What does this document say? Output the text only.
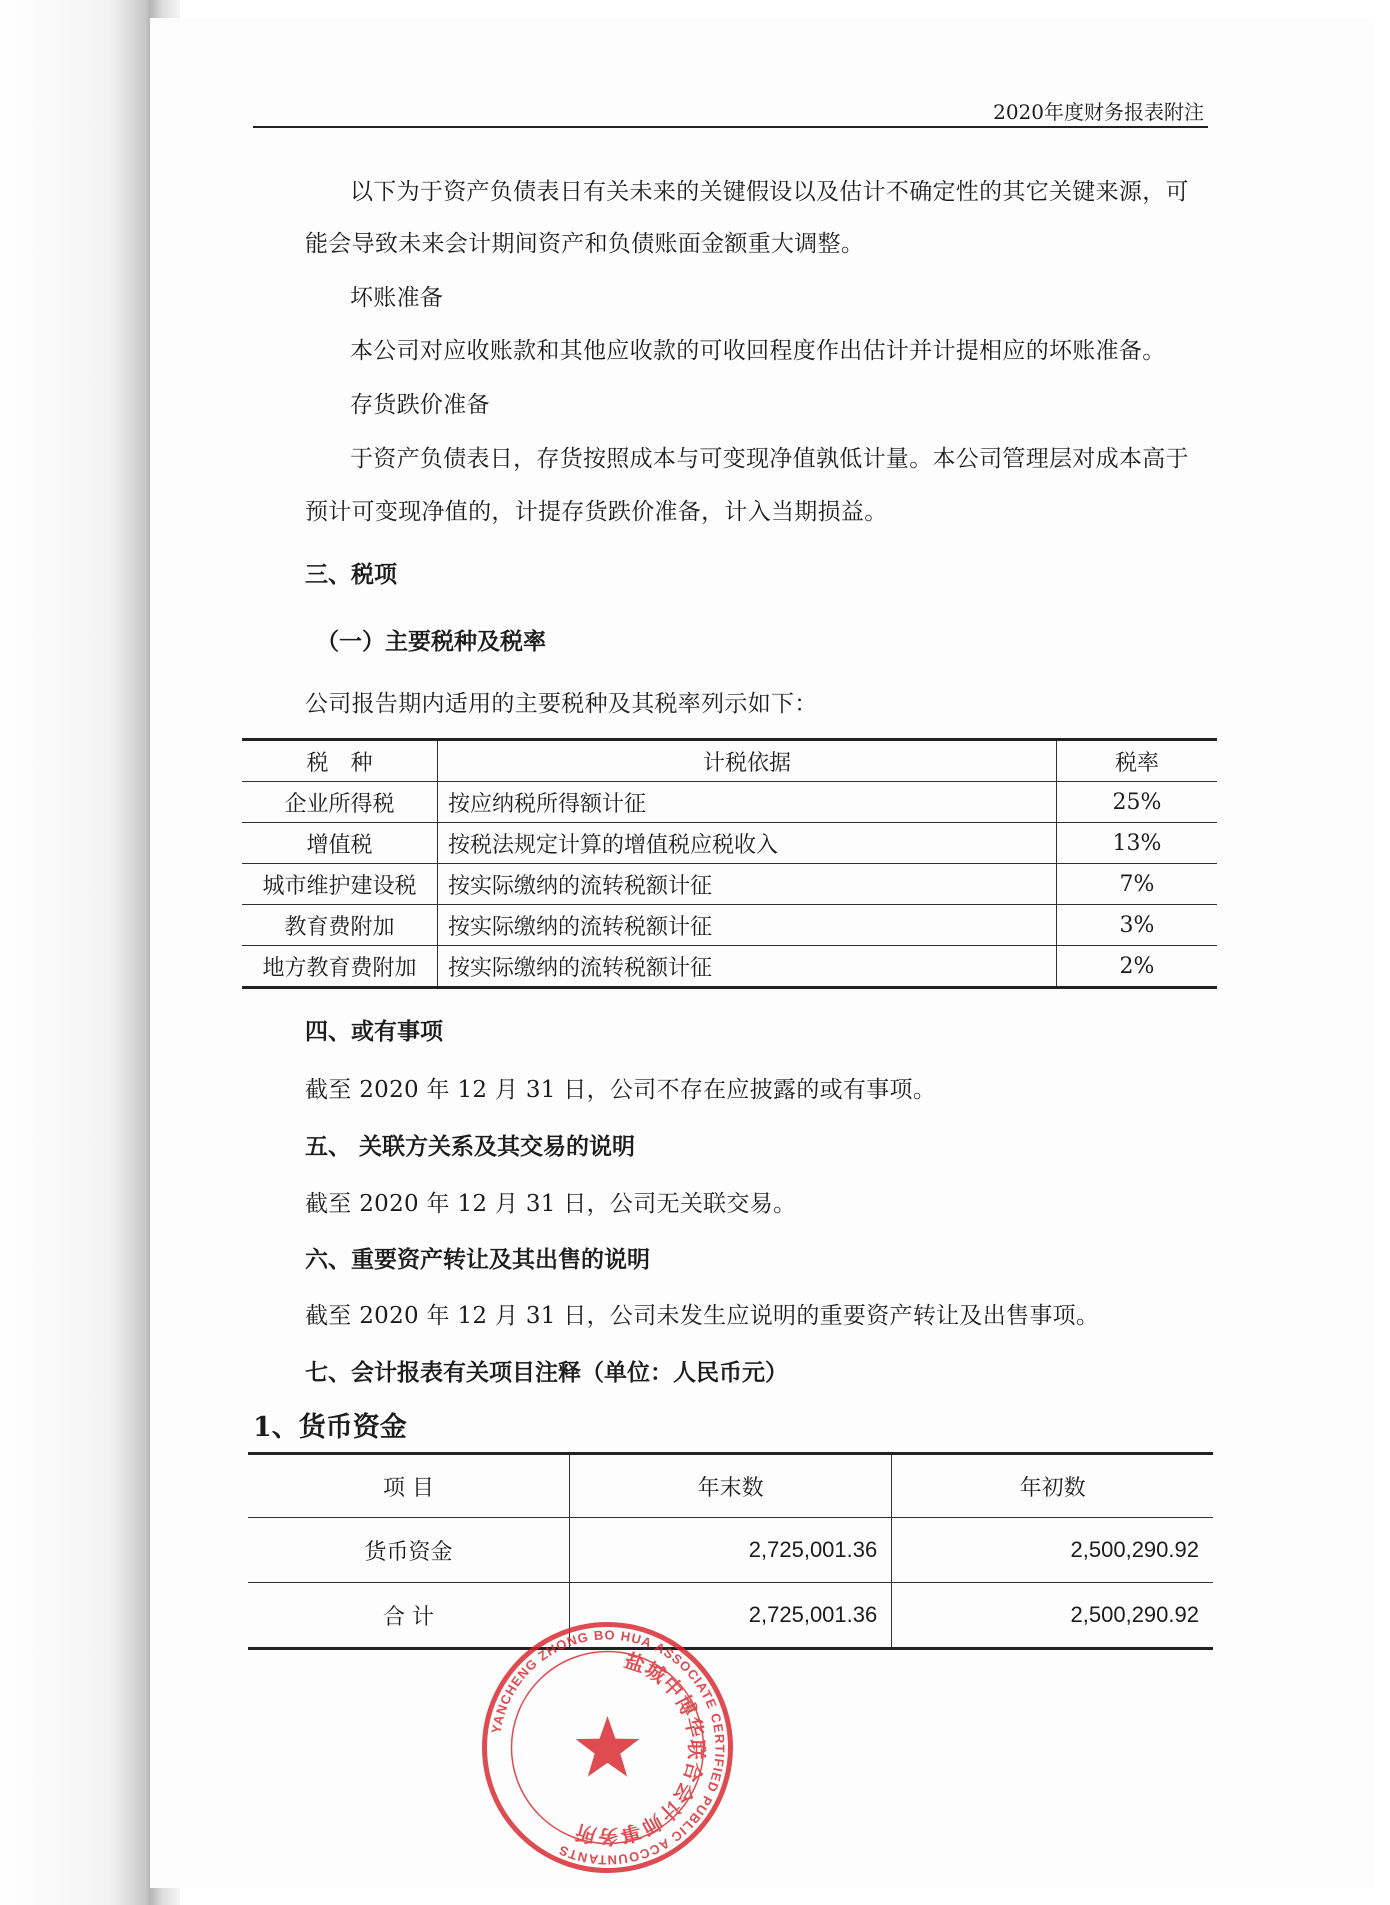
2020年度财务报表附注
以下为于资产负债表日有关未来的关键假设以及估计不确定性的其它关键来源，可
能会导致未来会计期间资产和负债账面金额重大调整。
坏账准备
本公司对应收账款和其他应收款的可收回程度作出估计并计提相应的坏账准备。
存货跌价准备
于资产负债表日，存货按照成本与可变现净值孰低计量。本公司管理层对成本高于
预计可变现净值的，计提存货跌价准备，计入当期损益。
三、税项
（一）主要税种及税率
公司报告期内适用的主要税种及其税率列示如下：
税　种	计税依据	税率
企业所得税	按应纳税所得额计征	25%
增值税	按税法规定计算的增值税应税收入	13%
城市维护建设税	按实际缴纳的流转税额计征	7%
教育费附加	按实际缴纳的流转税额计征	3%
地方教育费附加	按实际缴纳的流转税额计征	2%
四、或有事项
截至 2020 年 12 月 31 日，公司不存在应披露的或有事项。
五、 关联方关系及其交易的说明
截至 2020 年 12 月 31 日，公司无关联交易。
六、重要资产转让及其出售的说明
截至 2020 年 12 月 31 日，公司未发生应说明的重要资产转让及出售事项。
七、会计报表有关项目注释（单位：人民币元）
1、货币资金
项 目	年末数	年初数
货币资金	2,725,001.36	2,500,290.92
合 计	2,725,001.36	2,500,290.92
YANCHENG ZHONG BO HUA ASSOCIATE CERTIFIED PUBLIC ACCOUNTANTS
盐城中博华联合会计师事务所
